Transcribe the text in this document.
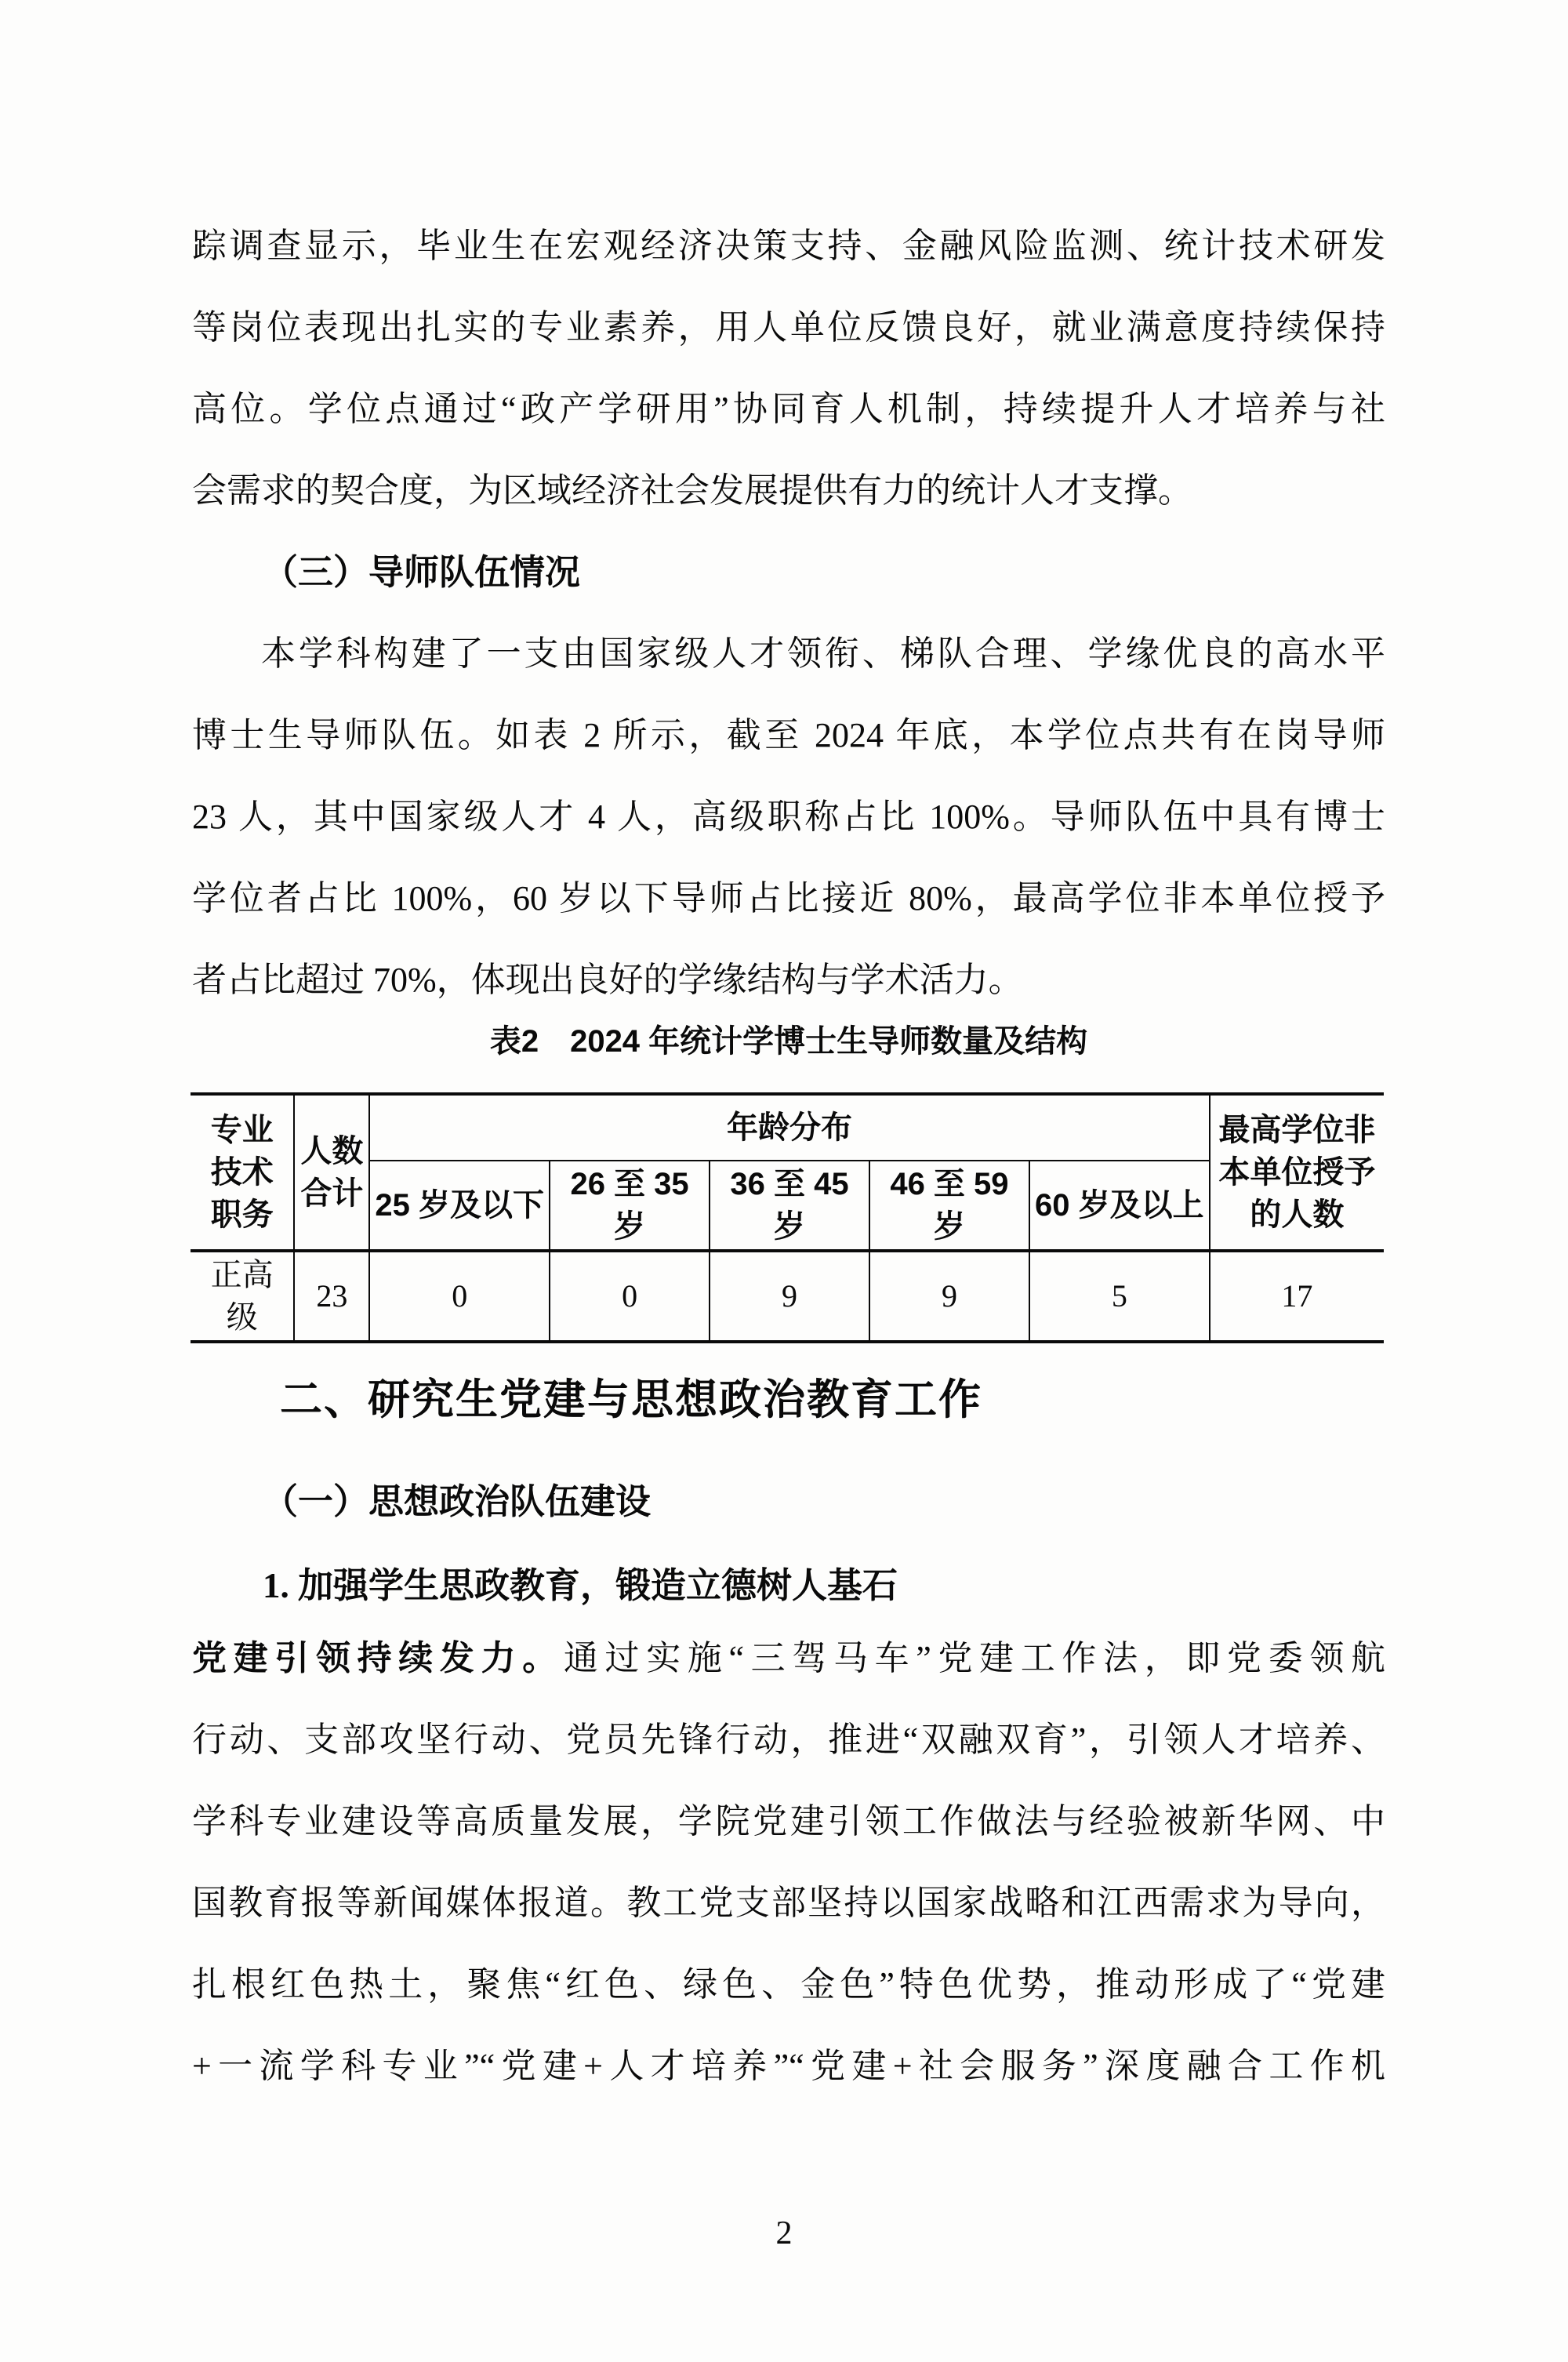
踪调查显示，毕业生在宏观经济决策支持、金融风险监测、统计技术研发
等岗位表现出扎实的专业素养，用人单位反馈良好，就业满意度持续保持
高位。学位点通过“政产学研用”协同育人机制，持续提升人才培养与社
会需求的契合度，为区域经济社会发展提供有力的统计人才支撑。
（三）导师队伍情况
本学科构建了一支由国家级人才领衔、梯队合理、学缘优良的高水平
博士生导师队伍。如表 2 所示，截至 2024 年底，本学位点共有在岗导师
23 人，其中国家级人才 4 人，高级职称占比 100%。导师队伍中具有博士
学位者占比 100%，60 岁以下导师占比接近 80%，最高学位非本单位授予
者占比超过 70%，体现出良好的学缘结构与学术活力。
表2　2024 年统计学博士生导师数量及结构
专业技术职务	人数合计	年龄分布					最高学位非本单位授予的人数
		25 岁及以下	26 至 35 岁	36 至 45 岁	46 至 59 岁	60 岁及以上	
正高级	23	0	0	9	9	5	17
二、研究生党建与思想政治教育工作
（一）思想政治队伍建设
1. 加强学生思政教育，锻造立德树人基石
党建引领持续发力。通过实施“三驾马车”党建工作法，即党委领航
行动、支部攻坚行动、党员先锋行动，推进“双融双育”，引领人才培养、
学科专业建设等高质量发展，学院党建引领工作做法与经验被新华网、中
国教育报等新闻媒体报道。教工党支部坚持以国家战略和江西需求为导向，
扎根红色热土，聚焦“红色、绿色、金色”特色优势，推动形成了“党建
+一流学科专业”“党建+人才培养”“党建+社会服务”深度融合工作机
2
